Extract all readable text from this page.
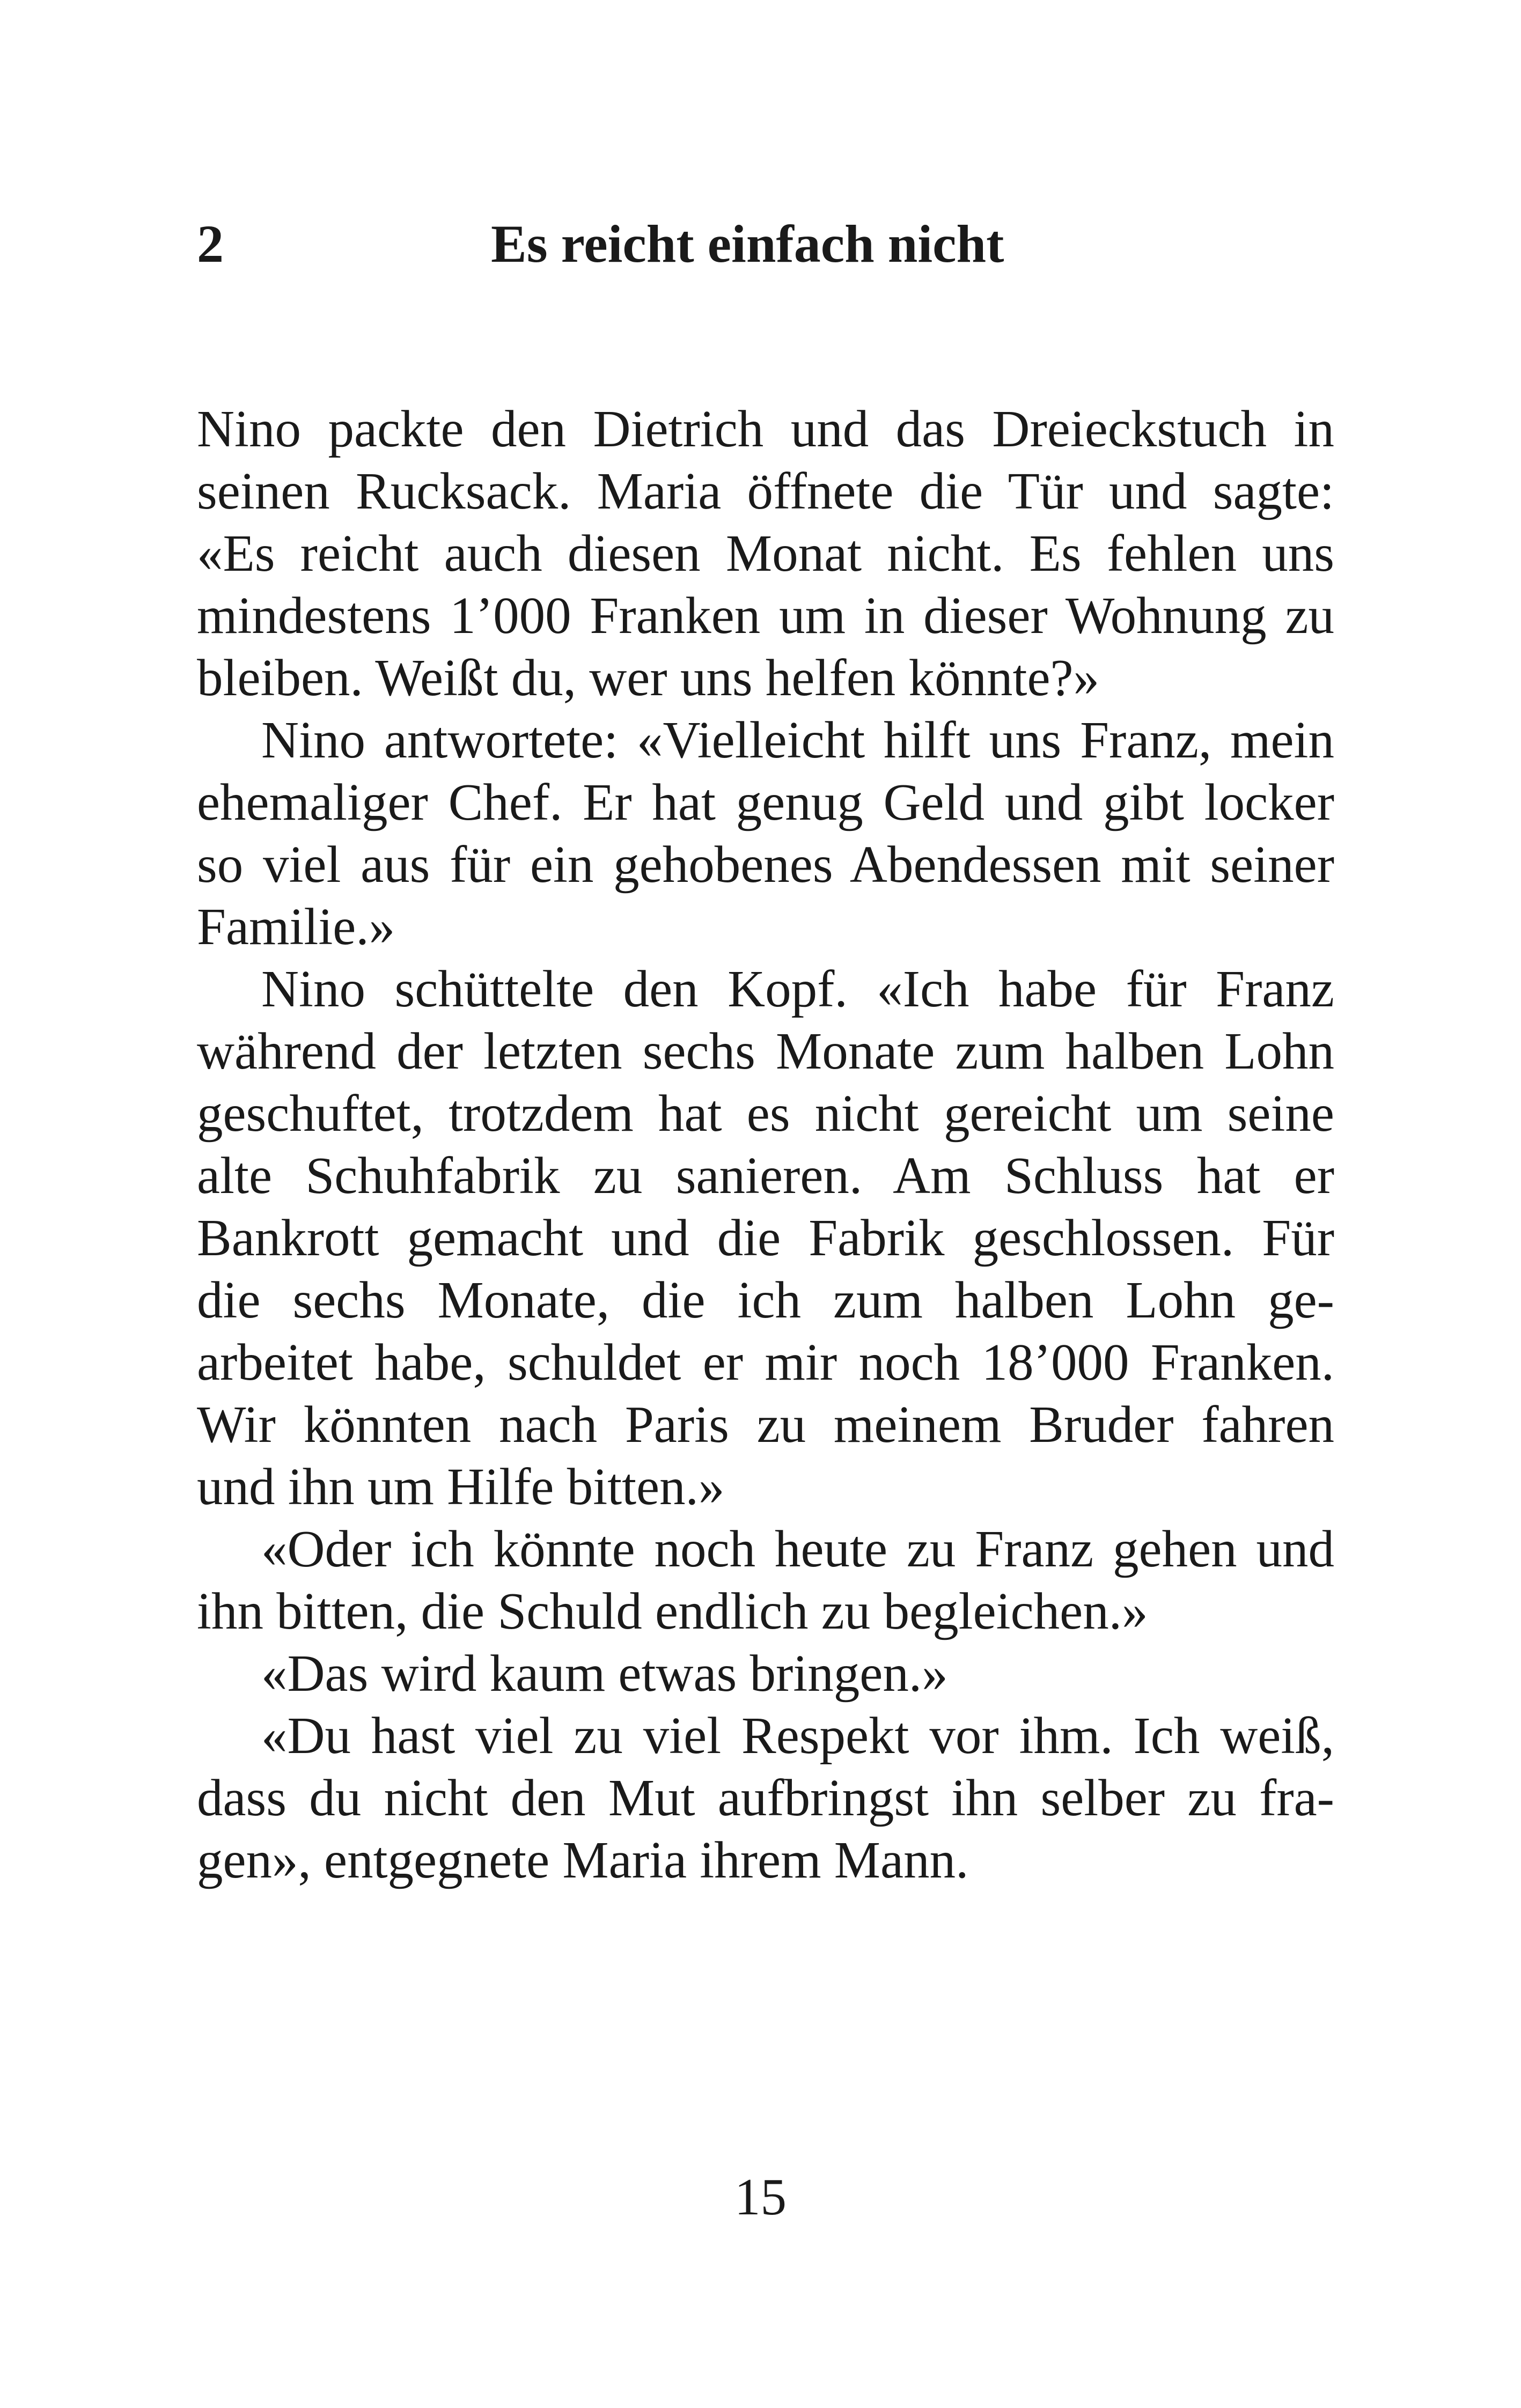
2	Es reicht einfach nicht
Nino packte den Dietrich und das Dreieckstuch in
seinen Rucksack. Maria öffnete die Tür und sagte:
«Es reicht auch diesen Monat nicht. Es fehlen uns
mindestens 1’000 Franken um in dieser Wohnung zu
bleiben. Weißt du, wer uns helfen könnte?»
Nino antwortete: «Vielleicht hilft uns Franz, mein
ehemaliger Chef. Er hat genug Geld und gibt locker
so viel aus für ein gehobenes Abendessen mit seiner
Familie.»
Nino schüttelte den Kopf. «Ich habe für Franz
während der letzten sechs Monate zum halben Lohn
geschuftet, trotzdem hat es nicht gereicht um seine
alte Schuhfabrik zu sanieren. Am Schluss hat er
Bankrott gemacht und die Fabrik geschlossen. Für
die sechs Monate, die ich zum halben Lohn ge-
arbeitet habe, schuldet er mir noch 18’000 Franken.
Wir könnten nach Paris zu meinem Bruder fahren
und ihn um Hilfe bitten.»
«Oder ich könnte noch heute zu Franz gehen und
ihn bitten, die Schuld endlich zu begleichen.»
«Das wird kaum etwas bringen.»
«Du hast viel zu viel Respekt vor ihm. Ich weiß,
dass du nicht den Mut aufbringst ihn selber zu fra-
gen», entgegnete Maria ihrem Mann.
15
